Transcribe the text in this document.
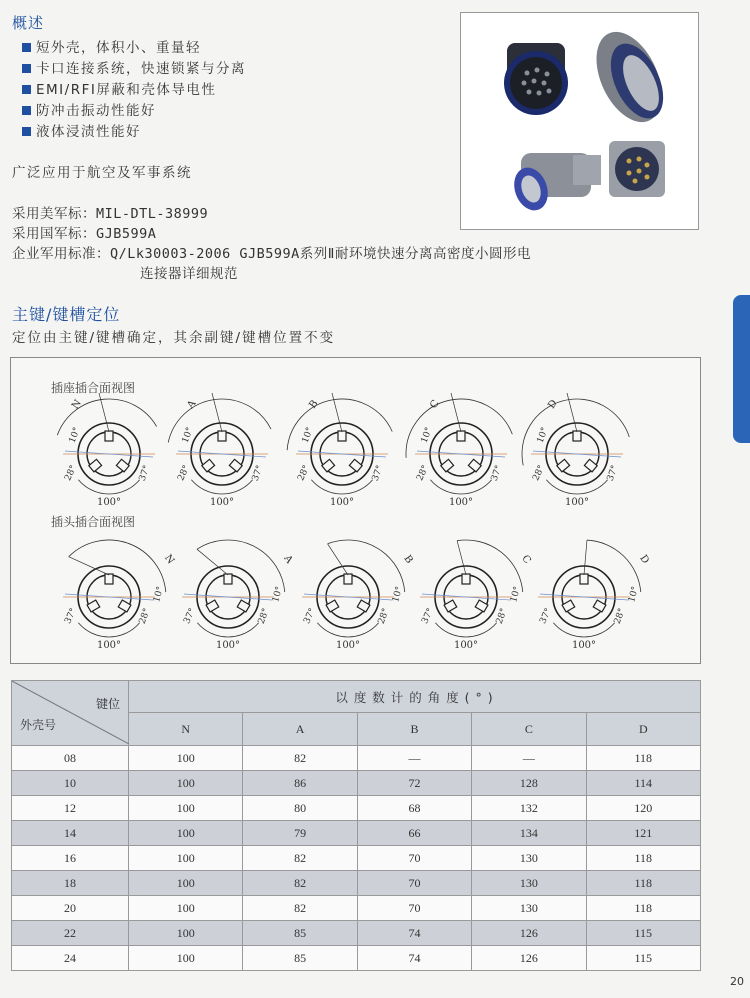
概述
短外壳，体积小、重量轻
卡口连接系统，快速锁紧与分离
EMI/RFI屏蔽和壳体导电性
防冲击振动性能好
液体浸渍性能好
广泛应用于航空及军事系统
采用美军标：MIL-DTL-38999
采用国军标：GJB599A
企业军用标准：Q/Lk30003-2006 GJB599A系列Ⅱ耐环境快速分离高密度小圆形电
连接器详细规范
主键/键槽定位
定位由主键/键槽确定，其余副键/键槽位置不变
插座插合面视图
插头插合面视图
100°
28°	37°
N
10°
100°
28°	37°
A
10°
100°
28°	37°
B
10°
100°
28°	37°
C
10°
100°
28°	37°
D
10°
100°
37°	28°
N
10°
100°
37°	28°
A
10°
100°
37°	28°
B
10°
100°
37°	28°
C
10°
100°
37°	28°
D
10°
键位
外壳号	以 度 数 计 的 角 度 ( ° )				
	N	A	B	C	D
08	100	82	—	—	118
10	100	86	72	128	114
12	100	80	68	132	120
14	100	79	66	134	121
16	100	82	70	130	118
18	100	82	70	130	118
20	100	82	70	130	118
22	100	85	74	126	115
24	100	85	74	126	115
20
